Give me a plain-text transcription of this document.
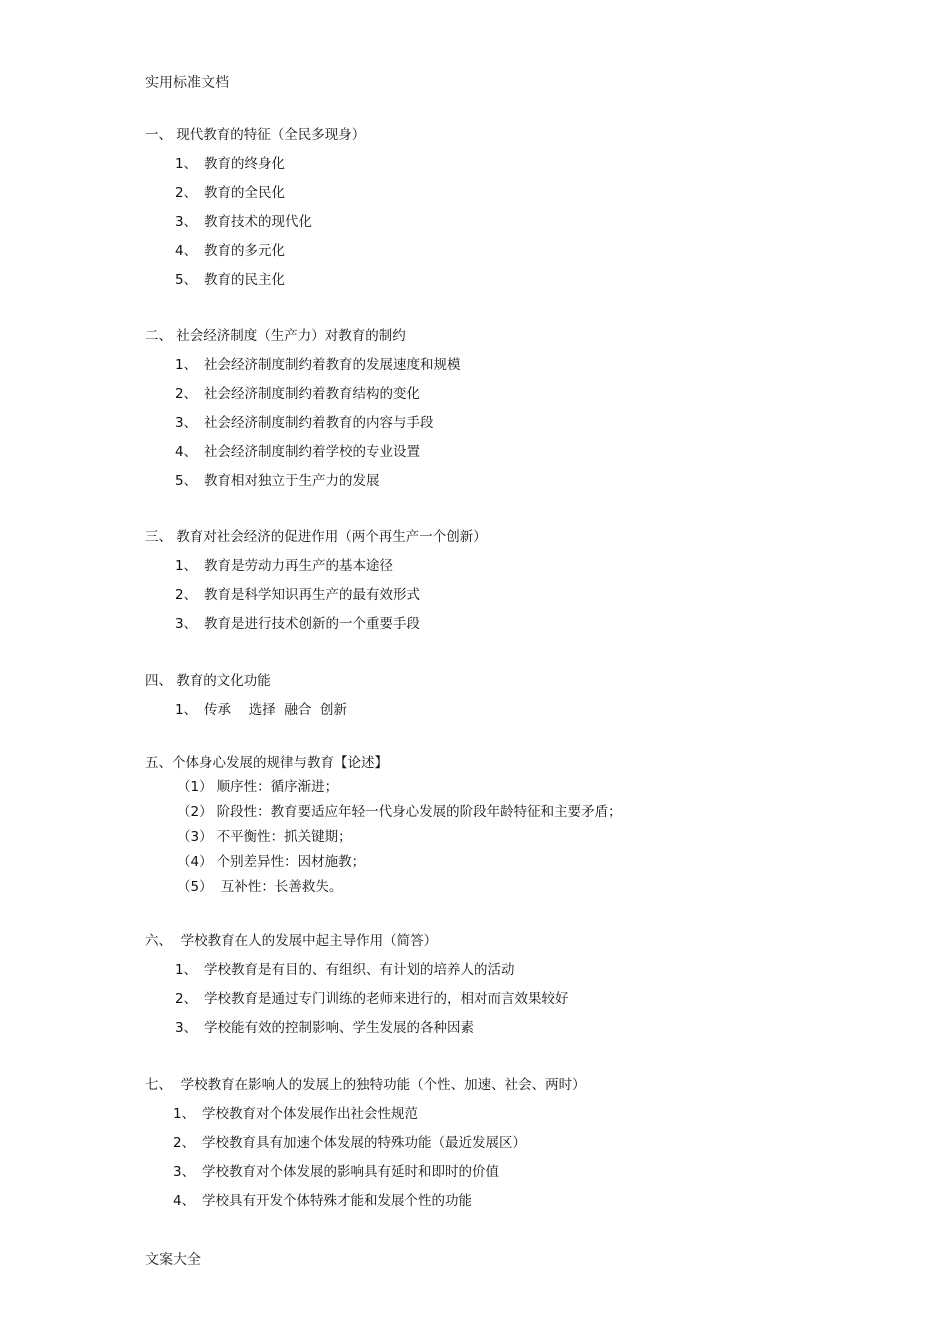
实用标准文档
一、 现代教育的特征（全民多现身）
1、 教育的终身化
2、 教育的全民化
3、 教育技术的现代化
4、 教育的多元化
5、 教育的民主化
二、 社会经济制度（生产力）对教育的制约
1、 社会经济制度制约着教育的发展速度和规模
2、 社会经济制度制约着教育结构的变化
3、 社会经济制度制约着教育的内容与手段
4、 社会经济制度制约着学校的专业设置
5、 教育相对独立于生产力的发展
三、 教育对社会经济的促进作用（两个再生产一个创新）
1、 教育是劳动力再生产的基本途径
2、 教育是科学知识再生产的最有效形式
3、 教育是进行技术创新的一个重要手段
四、 教育的文化功能
1、 传承　 选择  融合  创新
五、个体身心发展的规律与教育【论述】
（1） 顺序性：循序渐进；
（2） 阶段性：教育要适应年轻一代身心发展的阶段年龄特征和主要矛盾；
（3） 不平衡性：抓关键期；
（4） 个别差异性：因材施教；
（5） 互补性：长善救失。
六、  学校教育在人的发展中起主导作用（简答）
1、 学校教育是有目的、有组织、有计划的培养人的活动
2、 学校教育是通过专门训练的老师来进行的，相对而言效果较好
3、 学校能有效的控制影响、学生发展的各种因素
七、  学校教育在影响人的发展上的独特功能（个性、加速、社会、两时）
1、 学校教育对个体发展作出社会性规范
2、 学校教育具有加速个体发展的特殊功能（最近发展区）
3、 学校教育对个体发展的影响具有延时和即时的价值
4、 学校具有开发个体特殊才能和发展个性的功能
文案大全
